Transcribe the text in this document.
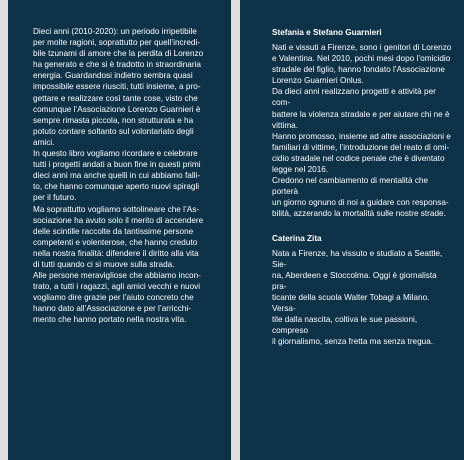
Dieci anni (2010-2020): un periodo irripetibile
per molte ragioni, soprattutto per quell’incredi-
bile tzunami di amore che la perdita di Lorenzo
ha generato e che si è tradotto in straordinaria
energia. Guardandosi indietro sembra quasi
impossibile essere riusciti, tutti insieme, a pro-
gettare e realizzare così tante cose, visto che
comunque l’Associazione Lorenzo Guarnieri è
sempre rimasta piccola, non strutturata e ha
potuto contare soltanto sul volontariato degli
amici.

In questo libro vogliamo ricordare e celebrare
tutti i progetti andati a buon fine in questi primi
dieci anni ma anche quelli in cui abbiamo falli-
to, che hanno comunque aperto nuovi spiragli
per il futuro.

Ma soprattutto vogliamo sottolineare che l’As-
sociazione ha avuto solo il merito di accendere
delle scintille raccolte da tantissime persone
competenti e volenterose, che hanno creduto
nella nostra finalità: difendere il diritto alla vita
di tutti quando ci si muove sulla strada.

Alle persone meravigliose che abbiamo incon-
trato, a tutti i ragazzi, agli amici vecchi e nuovi
vogliamo dire grazie per l’aiuto concreto che
hanno dato all’Associazione e per l’arricchi-
mento che hanno portato nella nostra vita.

Stefania e Stefano Guarnieri

Nati e vissuti a Firenze, sono i genitori di Lorenzo
e Valentina. Nel 2010, pochi mesi dopo l’omicidio
stradale del figlio, hanno fondato l’Associazione
Lorenzo Guarnieri Onlus.

Da dieci anni realizzano progetti e attività per com-
battere la violenza stradale e per aiutare chi ne è
vittima.

Hanno promosso, insieme ad altre associazioni e
familiari di vittime, l’introduzione del reato di omi-
cidio stradale nel codice penale che è diventato
legge nel 2016.

Credono nel cambiamento di mentalità che porterà
un giorno ognuno di noi a guidare con responsa-
bilità, azzerando la mortalità sulle nostre strade.

Caterina Zita

Nata a Firenze, ha vissuto e studiato a Seattle, Sie-
na, Aberdeen e Stoccolma. Oggi è giornalista pra-
ticante della scuola Walter Tobagi a Milano. Versa-
tile dalla nascita, coltiva le sue passioni, compreso
il giornalismo, senza fretta ma senza tregua.
